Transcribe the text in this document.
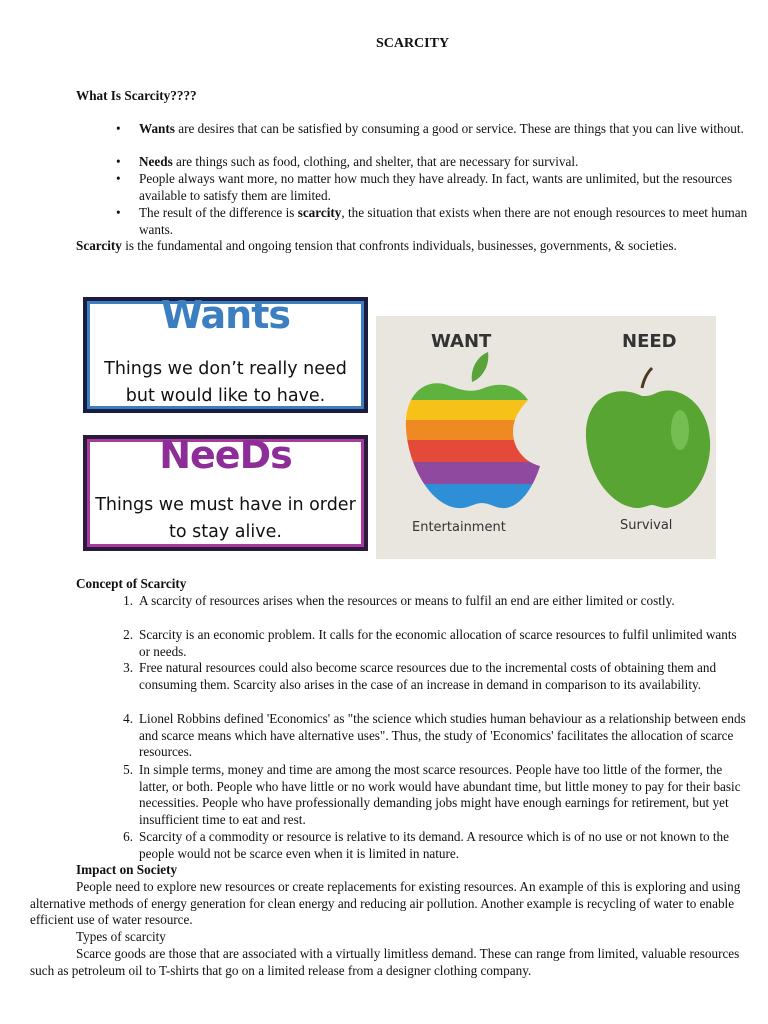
SCARCITY
What Is Scarcity????
• Wants are desires that can be satisfied by consuming a good or service. These are things that you can live without.
• Needs are things such as food, clothing, and shelter, that are necessary for survival.
• People always want more, no matter how much they have already. In fact, wants are unlimited, but the resources available to satisfy them are limited.
• The result of the difference is scarcity, the situation that exists when there are not enough resources to meet human wants.
Scarcity is the fundamental and ongoing tension that confronts individuals, businesses, governments, & societies.
Wants
Things we don’t really need but would like to have.
NeeDs
Things we must have in order to stay alive.
WANT	NEED
Entertainment	Survival
Concept of Scarcity
1. A scarcity of resources arises when the resources or means to fulfil an end are either limited or costly.
2. Scarcity is an economic problem. It calls for the economic allocation of scarce resources to fulfil unlimited wants or needs.
3. Free natural resources could also become scarce resources due to the incremental costs of obtaining them and consuming them. Scarcity also arises in the case of an increase in demand in comparison to its availability.
4. Lionel Robbins defined 'Economics' as "the science which studies human behaviour as a relationship between ends and scarce means which have alternative uses". Thus, the study of 'Economics' facilitates the allocation of scarce resources.
5. In simple terms, money and time are among the most scarce resources. People have too little of the former, the latter, or both. People who have little or no work would have abundant time, but little money to pay for their basic necessities. People who have professionally demanding jobs might have enough earnings for retirement, but yet insufficient time to eat and rest.
6. Scarcity of a commodity or resource is relative to its demand. A resource which is of no use or not known to the people would not be scarce even when it is limited in nature.
Impact on Society
People need to explore new resources or create replacements for existing resources. An example of this is exploring and using alternative methods of energy generation for clean energy and reducing air pollution. Another example is recycling of water to enable efficient use of water resource.
Types of scarcity
Scarce goods are those that are associated with a virtually limitless demand. These can range from limited, valuable resources such as petroleum oil to T-shirts that go on a limited release from a designer clothing company.
